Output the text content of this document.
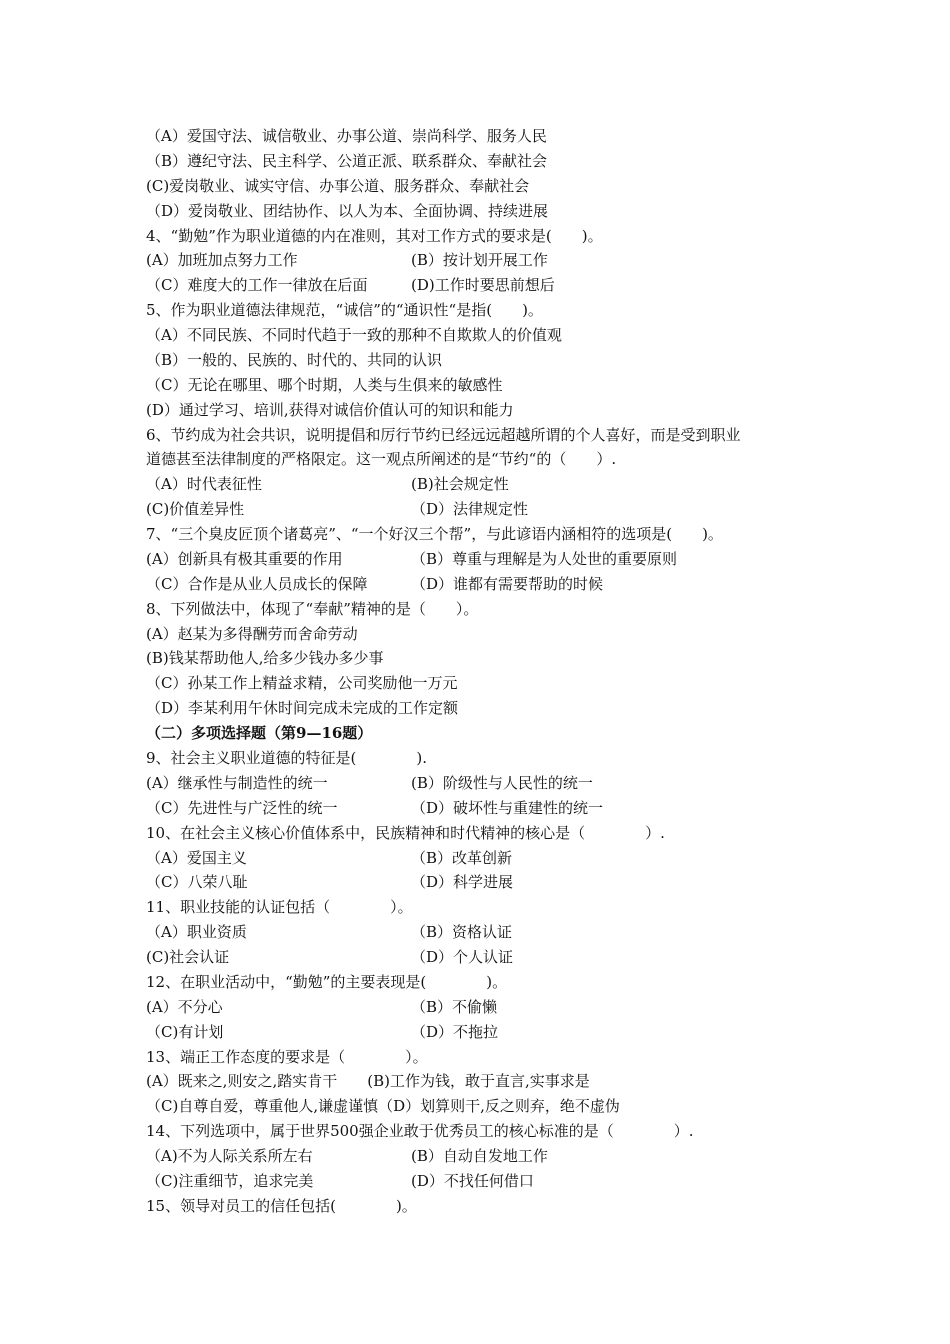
（A）爱国守法、诚信敬业、办事公道、崇尚科学、服务人民
（B）遵纪守法、民主科学、公道正派、联系群众、奉献社会
(C)爱岗敬业、诚实守信、办事公道、服务群众、奉献社会
（D）爱岗敬业、团结协作、以人为本、全面协调、持续进展
4、“勤勉”作为职业道德的内在准则，其对工作方式的要求是(　　)。
(A）加班加点努力工作	(B）按计划开展工作
（C）难度大的工作一律放在后面	(D)工作时要思前想后
5、作为职业道德法律规范，“诚信”的“通识性“是指(　　)。
（A）不同民族、不同时代趋于一致的那种不自欺欺人的价值观
（B）一般的、民族的、时代的、共同的认识
（C）无论在哪里、哪个时期，人类与生俱来的敏感性
(D）通过学习、培训,获得对诚信价值认可的知识和能力
6、节约成为社会共识，说明提倡和厉行节约已经远远超越所谓的个人喜好，而是受到职业
道德甚至法律制度的严格限定。这一观点所阐述的是“节约“的（　　）.
（A）时代表征性	(B)社会规定性
(C)价值差异性	（D）法律规定性
7、“三个臭皮匠顶个诸葛亮”、“一个好汉三个帮”，与此谚语内涵相符的选项是(　　)。
(A）创新具有极其重要的作用	（B）尊重与理解是为人处世的重要原则
（C）合作是从业人员成长的保障	（D）谁都有需要帮助的时候
8、下列做法中，体现了“奉献”精神的是（　　）。
(A）赵某为多得酬劳而舍命劳动
(B)钱某帮助他人,给多少钱办多少事
（C）孙某工作上精益求精，公司奖励他一万元
（D）李某利用午休时间完成未完成的工作定额
（二）多项选择题（第9—16题）
9、社会主义职业道德的特征是(　　　　).
(A）继承性与制造性的统一	(B）阶级性与人民性的统一
（C）先进性与广泛性的统一	（D）破坏性与重建性的统一
10、在社会主义核心价值体系中，民族精神和时代精神的核心是（　　　　）.
（A）爱国主义	（B）改革创新
（C）八荣八耻	（D）科学进展
11、职业技能的认证包括（　　　　）。
（A）职业资质	（B）资格认证
(C)社会认证	（D）个人认证
12、在职业活动中，“勤勉”的主要表现是(　　　　)。
(A）不分心	（B）不偷懒
（C)有计划	（D）不拖拉
13、端正工作态度的要求是（　　　　）。
(A）既来之,则安之,踏实肯干　　(B)工作为钱，敢于直言,实事求是
（C)自尊自爱，尊重他人,谦虚谨慎（D）划算则干,反之则弃，绝不虚伪
14、下列选项中，属于世界500强企业敢于优秀员工的核心标准的是（　　　　）.
（A)不为人际关系所左右	(B）自动自发地工作
（C)注重细节，追求完美	(D）不找任何借口
15、领导对员工的信任包括(　　　　)。
